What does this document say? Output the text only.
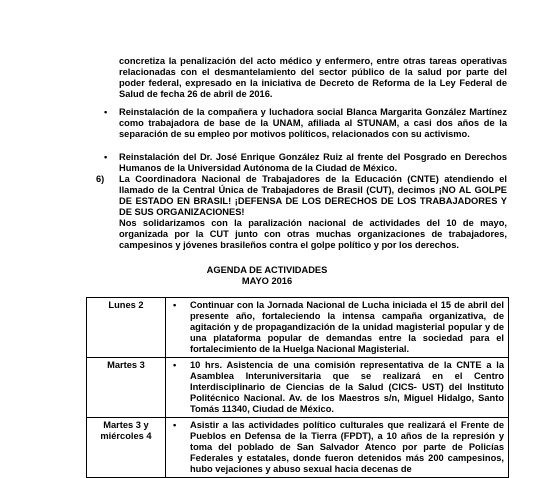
concretiza la penalización del acto médico y enfermero, entre otras tareas operativas relacionadas con el desmantelamiento del sector público de la salud por parte del poder federal, expresado en la iniciativa de Decreto de Reforma de la Ley Federal de Salud de fecha 26 de abril de 2016.
• Reinstalación de la compañera y luchadora social Blanca Margarita González Martínez como trabajadora de base de la UNAM, afiliada al STUNAM, a casi dos años de la separación de su empleo por motivos políticos, relacionados con su activismo.
• Reinstalación del Dr. José Enrique González Ruiz al frente del Posgrado en Derechos Humanos de la Universidad Autónoma de la Ciudad de México.
6) La Coordinadora Nacional de Trabajadores de la Educación (CNTE) atendiendo el llamado de la Central Única de Trabajadores de Brasil (CUT), decimos ¡NO AL GOLPE DE ESTADO EN BRASIL! ¡DEFENSA DE LOS DERECHOS DE LOS TRABAJADORES Y DE SUS ORGANIZACIONES!
Nos solidarizamos con la paralización nacional de actividades del 10 de mayo, organizada por la CUT junto con otras muchas organizaciones de trabajadores, campesinos y jóvenes brasileños contra el golpe político y por los derechos.
AGENDA DE ACTIVIDADES
MAYO 2016
Lunes 2	• Continuar con la Jornada Nacional de Lucha iniciada el 15 de abril del presente año, fortaleciendo la intensa campaña organizativa, de agitación y de propagandización de la unidad magisterial popular y de una plataforma popular de demandas entre la sociedad para el fortalecimiento de la Huelga Nacional Magisterial.

Martes 3	• 10 hrs. Asistencia de una comisión representativa de la CNTE a la Asamblea Interuniversitaria que se realizará en el Centro Interdisciplinario de Ciencias de la Salud (CICS- UST) del Instituto Politécnico Nacional. Av. de los Maestros s/n, Miguel Hidalgo, Santo Tomás 11340, Ciudad de México.

Martes 3 y miércoles 4	• Asistir a las actividades político culturales que realizará el Frente de Pueblos en Defensa de la Tierra (FPDT), a 10 años de la represión y toma del poblado de San Salvador Atenco por parte de Policías Federales y estatales, donde fueron detenidos más 200 campesinos, hubo vejaciones y abuso sexual hacia decenas de
